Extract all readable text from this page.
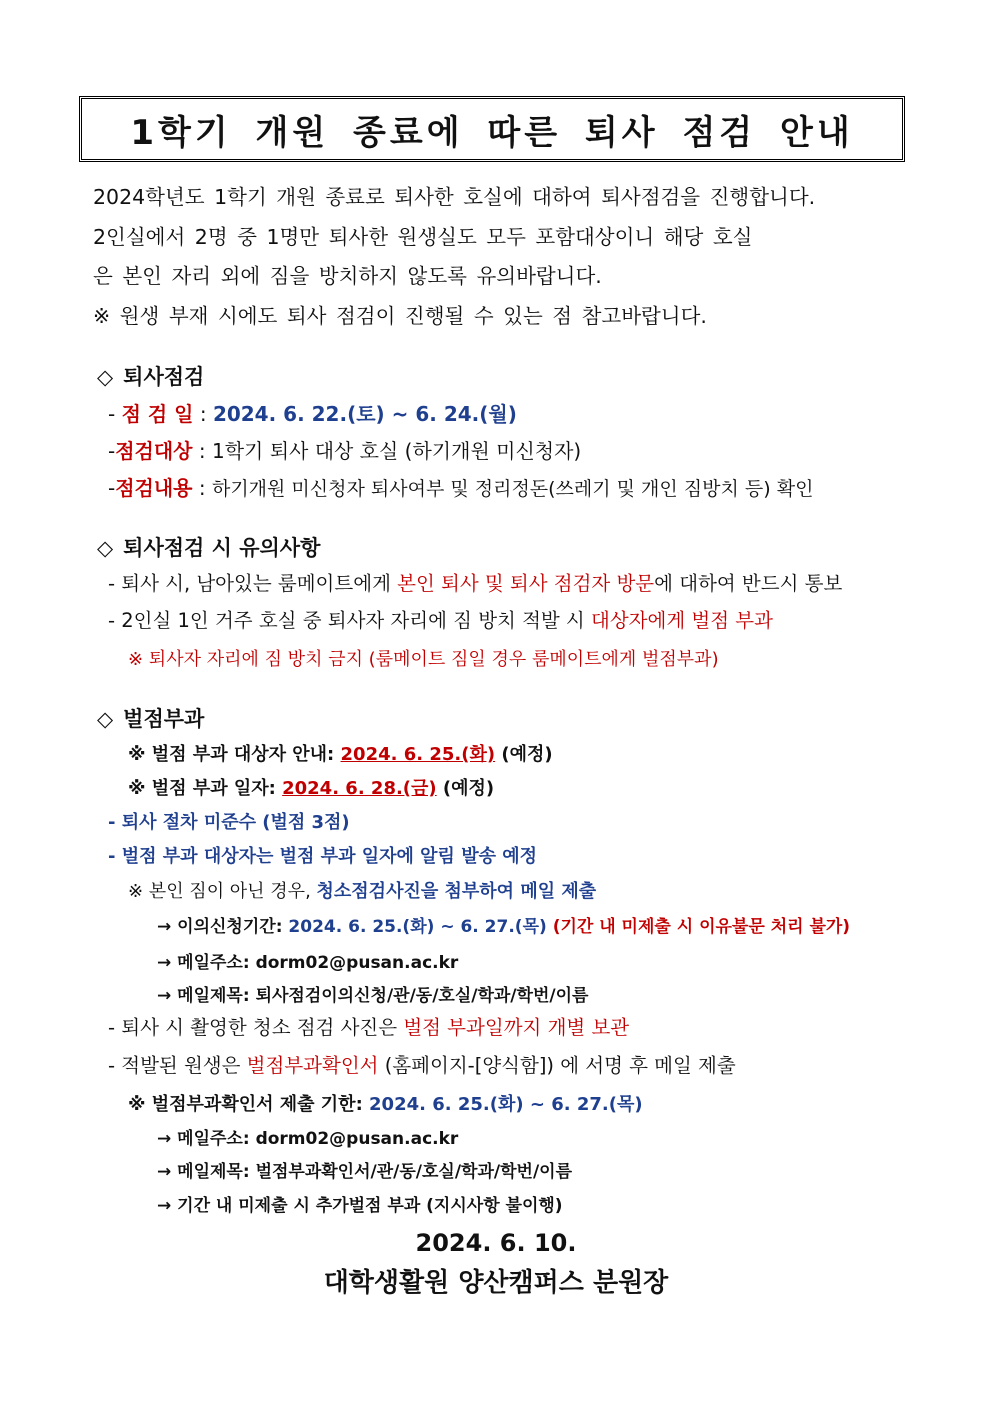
1학기 개원 종료에 따른 퇴사 점검 안내
2024학년도 1학기 개원 종료로 퇴사한 호실에 대하여 퇴사점검을 진행합니다.
2인실에서 2명 중 1명만 퇴사한 원생실도 모두 포함대상이니 해당 호실
은 본인 자리 외에 짐을 방치하지 않도록 유의바랍니다.
※ 원생 부재 시에도 퇴사 점검이 진행될 수 있는 점 참고바랍니다.
◇ 퇴사점검
- 점 검 일 : 2024. 6. 22.(토) ~ 6. 24.(월)
-점검대상 : 1학기 퇴사 대상 호실 (하기개원 미신청자)
-점검내용 : 하기개원 미신청자 퇴사여부 및 정리정돈(쓰레기 및 개인 짐방치 등) 확인
◇ 퇴사점검 시 유의사항
- 퇴사 시, 남아있는 룸메이트에게 본인 퇴사 및 퇴사 점검자 방문에 대하여 반드시 통보
- 2인실 1인 거주 호실 중 퇴사자 자리에 짐 방치 적발 시 대상자에게 벌점 부과
※ 퇴사자 자리에 짐 방치 금지 (룸메이트 짐일 경우 룸메이트에게 벌점부과)
◇ 벌점부과
※ 벌점 부과 대상자 안내: 2024. 6. 25.(화) (예정)
※ 벌점 부과 일자: 2024. 6. 28.(금) (예정)
- 퇴사 절차 미준수 (벌점 3점)
- 벌점 부과 대상자는 벌점 부과 일자에 알림 발송 예정
※ 본인 짐이 아닌 경우, 청소점검사진을 첨부하여 메일 제출
→ 이의신청기간: 2024. 6. 25.(화) ~ 6. 27.(목) (기간 내 미제출 시 이유불문 처리 불가)
→ 메일주소: dorm02@pusan.ac.kr
→ 메일제목: 퇴사점검이의신청/관/동/호실/학과/학번/이름
- 퇴사 시 촬영한 청소 점검 사진은 벌점 부과일까지 개별 보관
- 적발된 원생은 벌점부과확인서 (홈페이지-[양식함]) 에 서명 후 메일 제출
※ 벌점부과확인서 제출 기한: 2024. 6. 25.(화) ~ 6. 27.(목)
→ 메일주소: dorm02@pusan.ac.kr
→ 메일제목: 벌점부과확인서/관/동/호실/학과/학번/이름
→ 기간 내 미제출 시 추가벌점 부과 (지시사항 불이행)
2024. 6. 10.
대학생활원 양산캠퍼스 분원장
